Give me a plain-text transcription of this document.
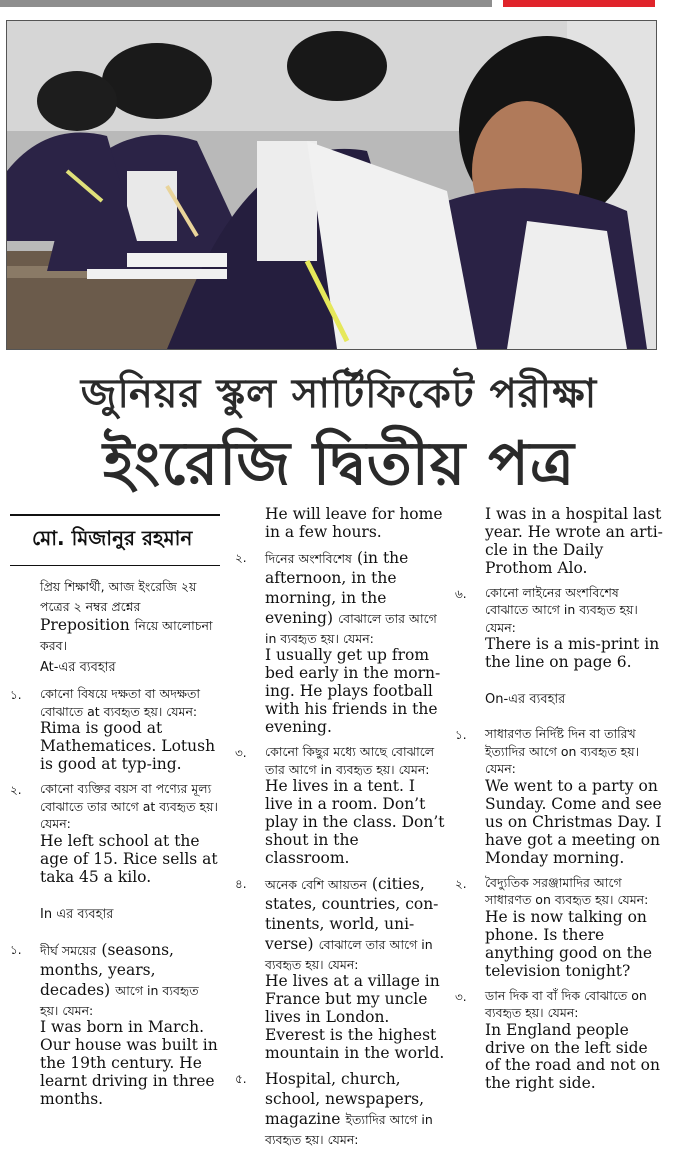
জুনিয়র স্কুল সার্টিফিকেট পরীক্ষা
ইংরেজি দ্বিতীয় পত্র
মো. মিজানুর রহমান
প্রিয় শিক্ষার্থী, আজ ইংরেজি ২য় পত্রের ২ নম্বর প্রশ্নের Preposition নিয়ে আলোচনা করব।
At-এর ব্যবহার
১.	কোনো বিষয়ে দক্ষতা বা অদক্ষতা বোঝাতে at ব্যবহৃত হয়। যেমন:
Rima is good at Mathematices. Lotush is good at typ-ing.
২.	কোনো ব্যক্তির বয়স বা পণ্যের মূল্য বোঝাতে তার আগে at ব্যবহৃত হয়। যেমন:
He left school at the age of 15. Rice sells at taka 45 a kilo.
In এর ব্যবহার
১.	দীর্ঘ সময়ের (seasons, months, years, decades) আগে in ব্যবহৃত হয়। যেমন:
I was born in March. Our house was built in the 19th century. He learnt driving in three months.
He will leave for home in a few hours.
২.	দিনের অংশবিশেষ (in the afternoon, in the morning, in the evening) বোঝালে তার আগে in ব্যবহৃত হয়। যেমন:
I usually get up from bed early in the morn-ing. He plays football with his friends in the evening.
৩.	কোনো কিছুর মধ্যে আছে বোঝালে তার আগে in ব্যবহৃত হয়। যেমন:
He lives in a tent. I live in a room. Don’t play in the class. Don’t shout in the classroom.
৪.	অনেক বেশি আয়তন (cities, states, countries, con-tinents, world, uni-verse) বোঝালে তার আগে in ব্যবহৃত হয়। যেমন:
He lives at a village in France but my uncle lives in London. Everest is the highest mountain in the world.
৫.	Hospital, church, school, newspapers, magazine ইত্যাদির আগে in ব্যবহৃত হয়। যেমন:
I was in a hospital last year. He wrote an arti-cle in the Daily Prothom Alo.
৬.	কোনো লাইনের অংশবিশেষ বোঝাতে আগে in ব্যবহৃত হয়। যেমন:
There is a mis-print in the line on page 6.
On-এর ব্যবহার
১.	সাধারণত নির্দিষ্ট দিন বা তারিখ ইত্যাদির আগে on ব্যবহৃত হয়। যেমন:
We went to a party on Sunday. Come and see us on Christmas Day. I have got a meeting on Monday morning.
২.	বৈদ্যুতিক সরঞ্জামাদির আগে সাধারণত on ব্যবহৃত হয়। যেমন:
He is now talking on phone. Is there anything good on the television tonight?
৩.	ডান দিক বা বাঁ দিক বোঝাতে on ব্যবহৃত হয়। যেমন:
In England people drive on the left side of the road and not on the right side.
